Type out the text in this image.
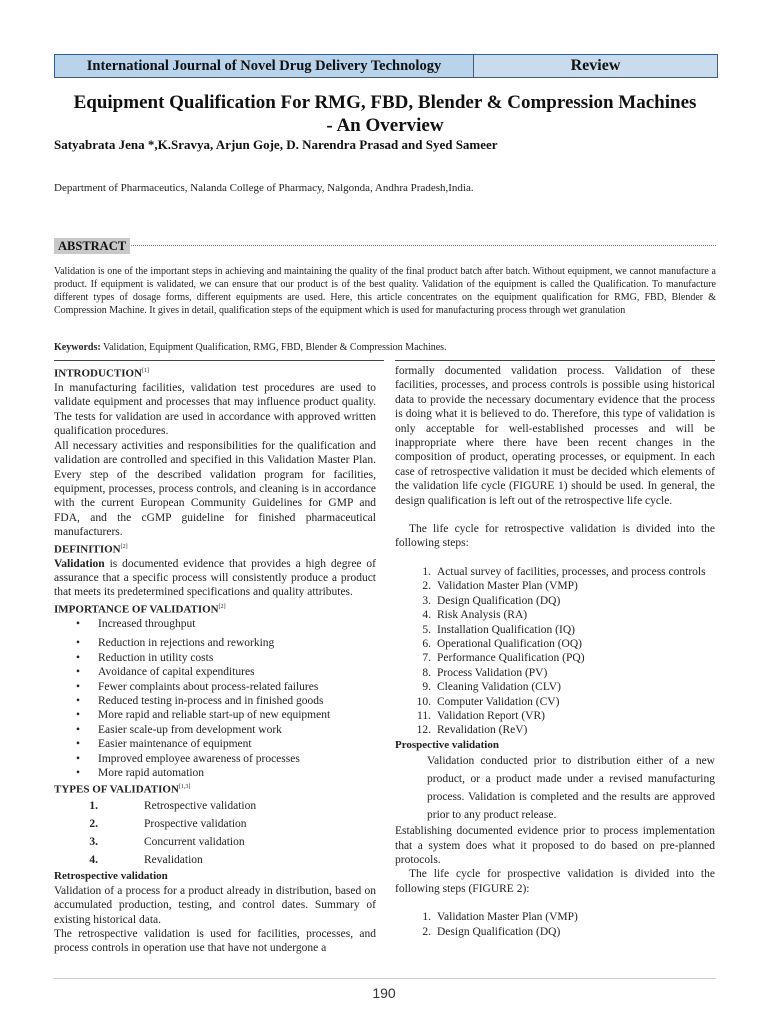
International Journal of Novel Drug Delivery Technology	Review
Equipment Qualification For RMG, FBD, Blender & Compression Machines
- An Overview
Satyabrata Jena *,K.Sravya, Arjun Goje, D. Narendra Prasad and Syed Sameer
Department of Pharmaceutics, Nalanda College of Pharmacy, Nalgonda, Andhra Pradesh,India.
ABSTRACT
Validation is one of the important steps in achieving and maintaining the quality of the final product batch after batch. Without equipment, we cannot manufacture a product. If equipment is validated, we can ensure that our product is of the best quality. Validation of the equipment is called the Qualification. To manufacture different types of dosage forms, different equipments are used. Here, this article concentrates on the equipment qualification for RMG, FBD, Blender & Compression Machine. It gives in detail, qualification steps of the equipment which is used for manufacturing process through wet granulation
Keywords: Validation, Equipment Qualification, RMG, FBD, Blender & Compression Machines.
INTRODUCTION[1]

In manufacturing facilities, validation test procedures are used to validate equipment and processes that may influence product quality. The tests for validation are used in accordance with approved written qualification procedures.

All necessary activities and responsibilities for the qualification and validation are controlled and specified in this Validation Master Plan. Every step of the described validation program for facilities, equipment, processes, process controls, and cleaning is in accordance with the current European Community Guidelines for GMP and FDA, and the cGMP guideline for finished pharmaceutical manufacturers.

DEFINITION[2]

Validation is documented evidence that provides a high degree of assurance that a specific process will consistently produce a product that meets its predetermined specifications and quality attributes.

IMPORTANCE OF VALIDATION[2]
• Increased throughput
• Reduction in rejections and reworking
• Reduction in utility costs
• Avoidance of capital expenditures
• Fewer complaints about process-related failures
• Reduced testing in-process and in finished goods
• More rapid and reliable start-up of new equipment
• Easier scale-up from development work
• Easier maintenance of equipment
• Improved employee awareness of processes
• More rapid automation
TYPES OF VALIDATION[1,3]
1.	Retrospective validation
2.	Prospective validation
3.	Concurrent validation
4.	Revalidation
Retrospective validation

Validation of a process for a product already in distribution, based on accumulated production, testing, and control dates. Summary of existing historical data.

The retrospective validation is used for facilities, processes, and process controls in operation use that have not undergone a

formally documented validation process. Validation of these facilities, processes, and process controls is possible using historical data to provide the necessary documentary evidence that the process is doing what it is believed to do. Therefore, this type of validation is only acceptable for well-established processes and will be inappropriate where there have been recent changes in the composition of product, operating processes, or equipment. In each case of retrospective validation it must be decided which elements of the validation life cycle (FIGURE 1) should be used. In general, the design qualification is left out of the retrospective life cycle.

The life cycle for retrospective validation is divided into the following steps:

1. Actual survey of facilities, processes, and process controls
2. Validation Master Plan (VMP)
3. Design Qualification (DQ)
4. Risk Analysis (RA)
5. Installation Qualification (IQ)
6. Operational Qualification (OQ)
7. Performance Qualification (PQ)
8. Process Validation (PV)
9. Cleaning Validation (CLV)
10. Computer Validation (CV)
11. Validation Report (VR)
12. Revalidation (ReV)
Prospective validation

Validation conducted prior to distribution either of a new product, or a product made under a revised manufacturing process. Validation is completed and the results are approved prior to any product release.

Establishing documented evidence prior to process implementation that a system does what it proposed to do based on pre-planned protocols.

The life cycle for prospective validation is divided into the following steps (FIGURE 2):

1. Validation Master Plan (VMP)
2. Design Qualification (DQ)
190
